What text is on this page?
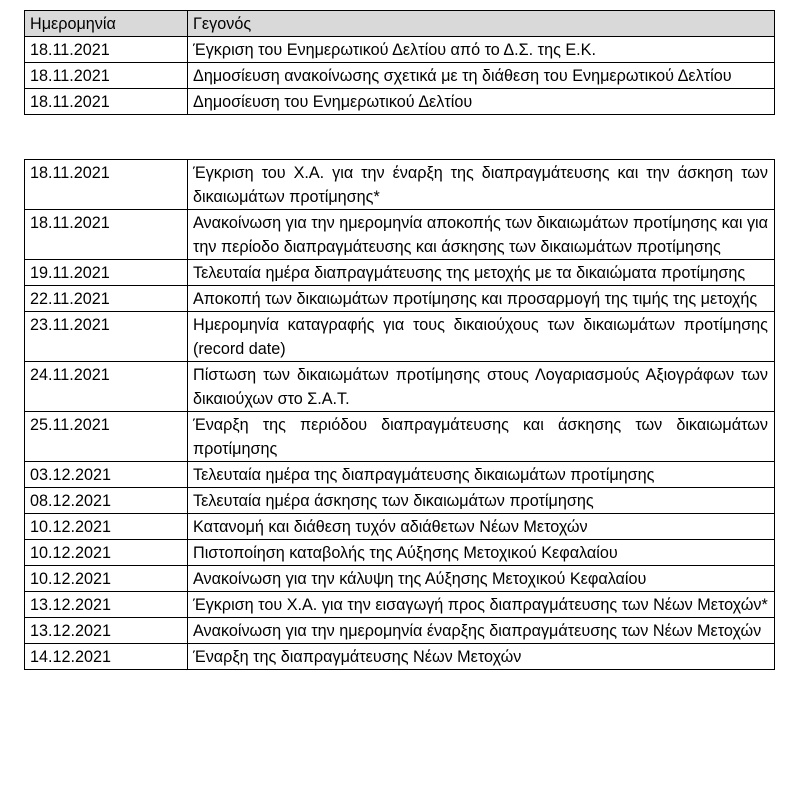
Ημερομηνία	Γεγονός
18.11.2021	Έγκριση του Ενημερωτικού Δελτίου από το Δ.Σ. της Ε.Κ.
18.11.2021	Δημοσίευση ανακοίνωσης σχετικά με τη διάθεση του Ενημερωτικού Δελτίου
18.11.2021	Δημοσίευση του Ενημερωτικού Δελτίου
18.11.2021	Έγκριση του Χ.Α. για την έναρξη της διαπραγμάτευσης και την άσκηση των δικαιωμάτων προτίμησης*
18.11.2021	Ανακοίνωση για την ημερομηνία αποκοπής των δικαιωμάτων προτίμησης και για την περίοδο διαπραγμάτευσης και άσκησης των δικαιωμάτων προτίμησης
19.11.2021	Τελευταία ημέρα διαπραγμάτευσης της μετοχής με τα δικαιώματα προτίμησης
22.11.2021	Αποκοπή των δικαιωμάτων προτίμησης και προσαρμογή της τιμής της μετοχής
23.11.2021	Ημερομηνία καταγραφής για τους δικαιούχους των δικαιωμάτων προτίμησης (record date)
24.11.2021	Πίστωση των δικαιωμάτων προτίμησης στους Λογαριασμούς Αξιογράφων των δικαιούχων στο Σ.Α.Τ.
25.11.2021	Έναρξη της περιόδου διαπραγμάτευσης και άσκησης των δικαιωμάτων προτίμησης
03.12.2021	Τελευταία ημέρα της διαπραγμάτευσης δικαιωμάτων προτίμησης
08.12.2021	Τελευταία ημέρα άσκησης των δικαιωμάτων προτίμησης
10.12.2021	Κατανομή και διάθεση τυχόν αδιάθετων Νέων Μετοχών
10.12.2021	Πιστοποίηση καταβολής της Αύξησης Μετοχικού Κεφαλαίου
10.12.2021	Ανακοίνωση για την κάλυψη της Αύξησης Μετοχικού Κεφαλαίου
13.12.2021	Έγκριση του Χ.Α. για την εισαγωγή προς διαπραγμάτευσης των Νέων Μετοχών*
13.12.2021	Ανακοίνωση για την ημερομηνία έναρξης διαπραγμάτευσης των Νέων Μετοχών
14.12.2021	Έναρξη της διαπραγμάτευσης Νέων Μετοχών
